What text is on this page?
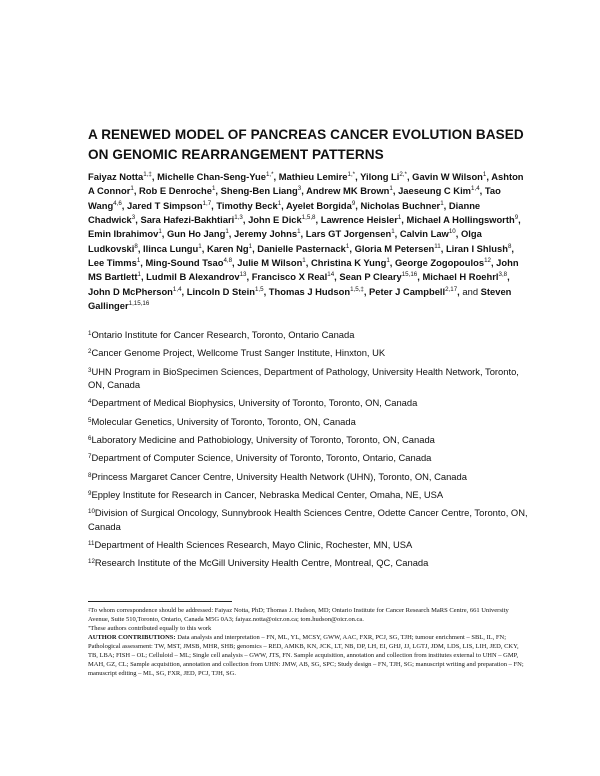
A RENEWED MODEL OF PANCREAS CANCER EVOLUTION BASED ON GENOMIC REARRANGEMENT PATTERNS
Faiyaz Notta$^{1,\ddagger}$, Michelle Chan-Seng-Yue$^{1,*}$, Mathieu Lemire$^{1,*}$, Yilong $Li^{2,*}$, Gavin W Wilson$^1$, Ashton A Connor$^1$, Rob E Denroche$^1$, Sheng-Ben Liang$^3$, Andrew MK Brown$^1$, Jaeseung C Kim$^{1,4}$, Tao Wang$^{4,6}$, Jared T Simpson$^{1,7}$, Timothy Beck$^1$, Ayelet Borgida$^9$, Nicholas Buchner$^1$, Dianne Chadwick$^3$, Sara Hafezi-Bakhtiari$^{1,3}$, John E Dick$^{1,5,8}$, Lawrence Heisler$^1$, Michael A Hollingsworth$^9$, Emin Ibrahimov$^1$, Gun Ho Jang$^1$, Jeremy Johns$^1$, Lars GT Jorgensen$^1$, Calvin Law$^{10}$, Olga Ludkovski$^8$, Ilinca Lungu$^1$, Karen Ng$^1$, Danielle Pasternack$^1$, Gloria M Petersen$^{11}$, Liran I Shlush$^8$, Lee Timms$^1$, Ming-Sound Tsao$^{4,8}$, Julie M Wilson$^1$, Christina K Yung$^1$, George Zogopoulos$^{12}$, John MS Bartlett$^1$, Ludmil B Alexandrov$^{13}$, Francisco X Real$^{14}$, Sean P Cleary$^{15,16}$, Michael H Roehrl$^{3,8}$, John D McPherson$^{1,4}$, Lincoln D Stein$^{1,5}$, Thomas J Hudson$^{1,5,\ddagger}$, Peter J Campbell$^{2,17}$, and Steven Gallinger$^{1,15,16}$
$^1$Ontario Institute for Cancer Research, Toronto, Ontario Canada
$^2$Cancer Genome Project, Wellcome Trust Sanger Institute, Hinxton, UK
$^3$UHN Program in BioSpecimen Sciences, Department of Pathology, University Health Network, Toronto, ON, Canada
$^4$Department of Medical Biophysics, University of Toronto, Toronto, ON, Canada
$^5$Molecular Genetics, University of Toronto, Toronto, ON, Canada
$^6$Laboratory Medicine and Pathobiology, University of Toronto, Toronto, ON, Canada
$^7$Department of Computer Science, University of Toronto, Toronto, Ontario, Canada
$^8$Princess Margaret Cancer Centre, University Health Network (UHN), Toronto, ON, Canada
$^9$Eppley Institute for Research in Cancer, Nebraska Medical Center, Omaha, NE, USA
$^{10}$Division of Surgical Oncology, Sunnybrook Health Sciences Centre, Odette Cancer Centre, Toronto, ON, Canada
$^{11}$Department of Health Sciences Research, Mayo Clinic, Rochester, MN, USA
$^{12}$Research Institute of the McGill University Health Centre, Montreal, QC, Canada

‡To whom correspondence should be addressed: Faiyaz Notta, PhD; Thomas J. Hudson, MD; Ontario Institute for Cancer Research MaRS Centre, 661 University Avenue, Suite 510,Toronto, Ontario, Canada M5G 0A3; faiyaz.notta@oicr.on.ca; tom.hudson@oicr.on.ca.

*These authors contributed equally to this work

AUTHOR CONTRIBUTIONS: Data analysis and interpretation – FN, ML, YL, MCSY, GWW, AAC, FXR, PCJ, SG, TJH; tumour enrichment – SBL, IL, FN; Pathological assessment: TW, MST, JMSB, MHR, SHB; genomics – RED, AMKB, KN, JCK, LT, NB, DP, LH, EI, GHJ, JJ, LGTJ, JDM, LDS, LIS, LIH, JED, CKY, TB, LBA; FISH – OL; Celluloid – ML; Single cell analysis – GWW, JTS, FN. Sample acquisition, annotation and collection from institutes external to UHN – GMP, MAH, GZ, CL; Sample acquisition, annotation and collection from UHN: JMW, AB, SG, SPC; Study design – FN, TJH, SG; manuscript writing and preparation – FN; manuscript editing – ML, SG, FXR, JED, PCJ, TJH, SG.
